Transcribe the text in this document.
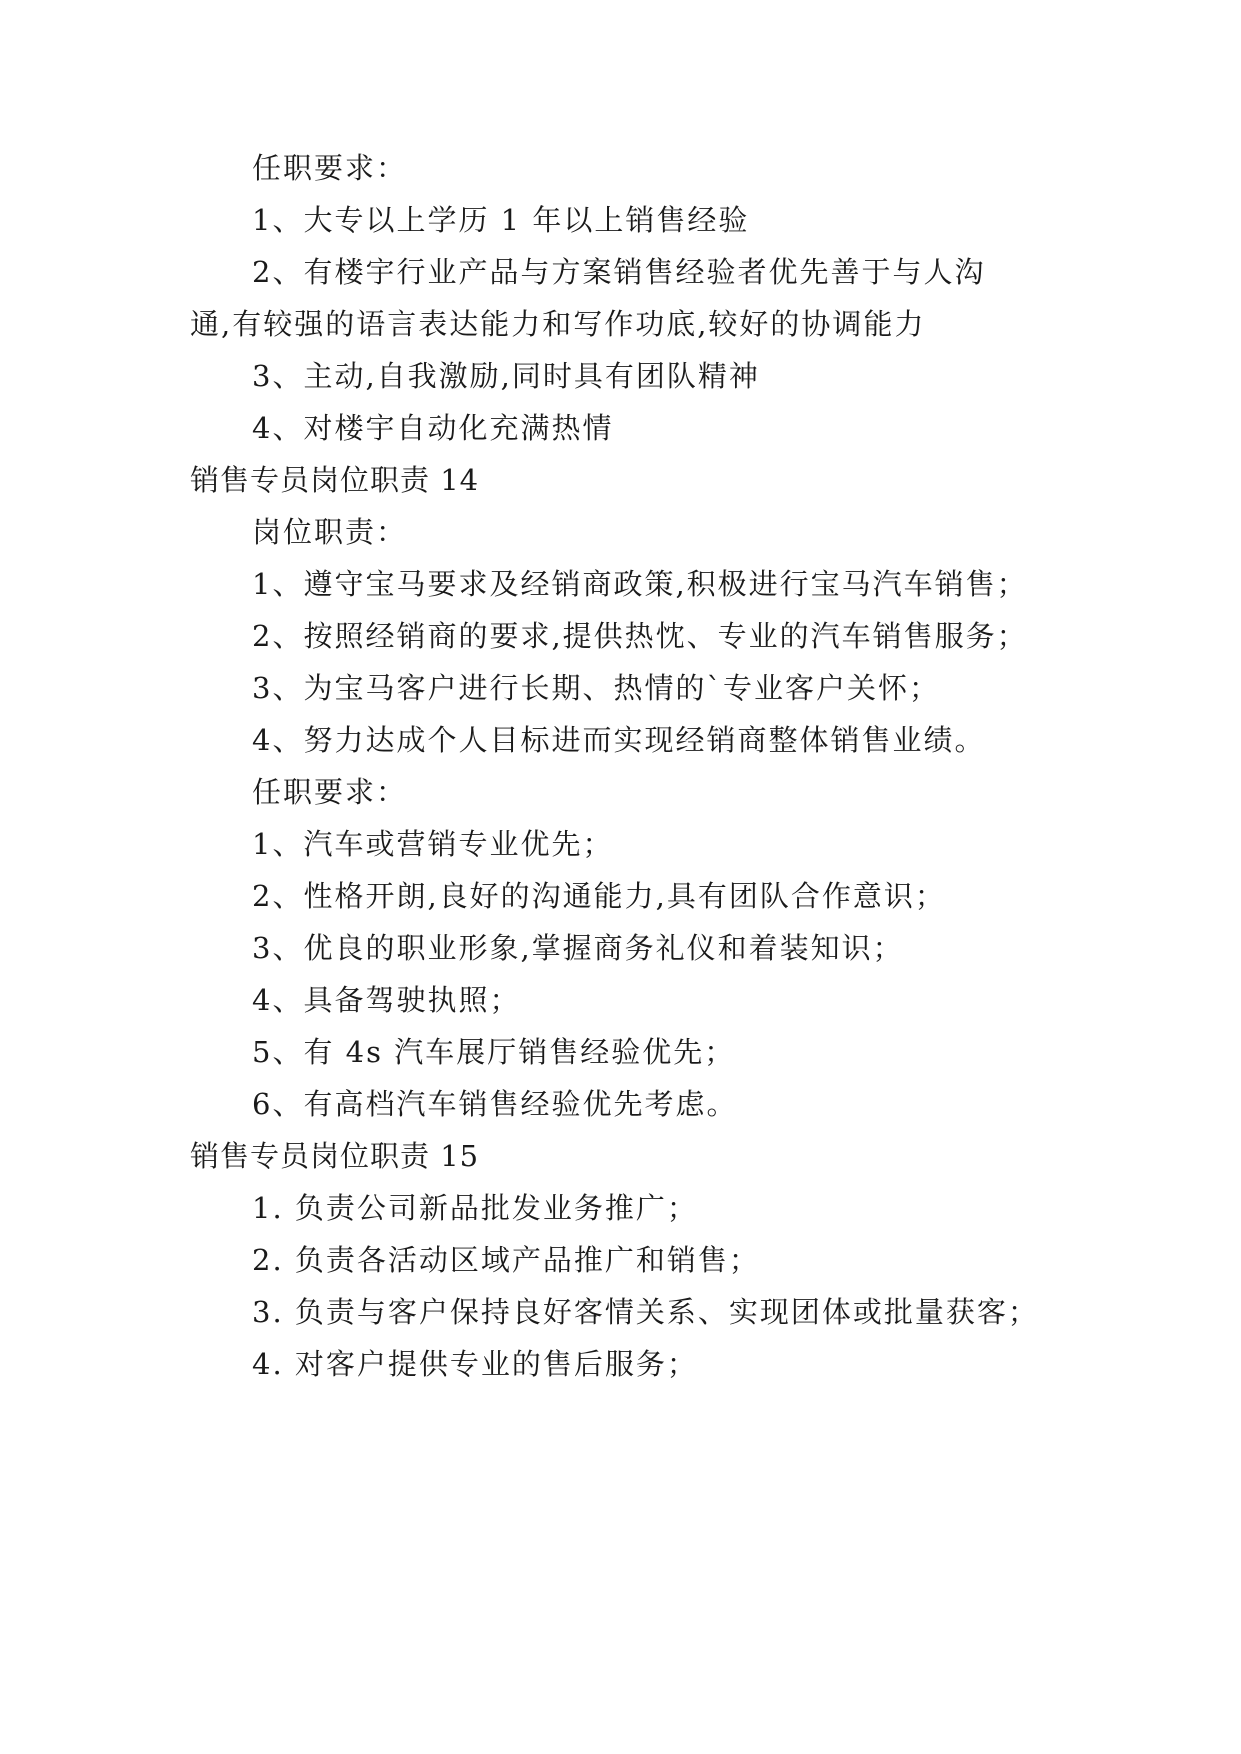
任职要求：
1、大专以上学历 1 年以上销售经验
2、有楼宇行业产品与方案销售经验者优先善于与人沟
通,有较强的语言表达能力和写作功底,较好的协调能力
3、主动,自我激励,同时具有团队精神
4、对楼宇自动化充满热情
销售专员岗位职责 14
岗位职责：
1、遵守宝马要求及经销商政策,积极进行宝马汽车销售；
2、按照经销商的要求,提供热忱、专业的汽车销售服务；
3、为宝马客户进行长期、热情的`专业客户关怀；
4、努力达成个人目标进而实现经销商整体销售业绩。
任职要求：
1、汽车或营销专业优先；
2、性格开朗,良好的沟通能力,具有团队合作意识；
3、优良的职业形象,掌握商务礼仪和着装知识；
4、具备驾驶执照；
5、有 4s 汽车展厅销售经验优先；
6、有高档汽车销售经验优先考虑。
销售专员岗位职责 15
1. 负责公司新品批发业务推广；
2. 负责各活动区域产品推广和销售；
3. 负责与客户保持良好客情关系、实现团体或批量获客；
4. 对客户提供专业的售后服务；
